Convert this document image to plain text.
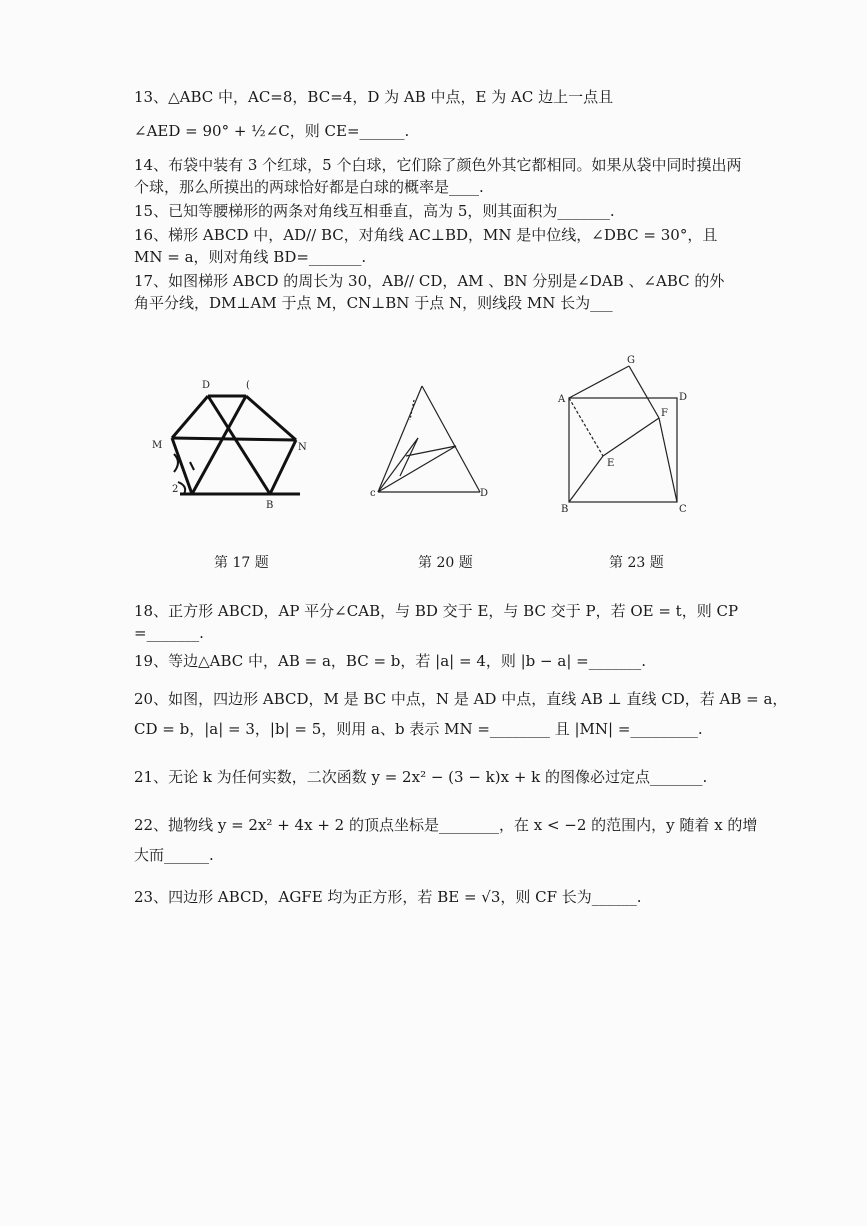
13、△ABC 中，AC=8，BC=4，D 为 AB 中点，E 为 AC 边上一点且
∠AED = 90° + ½∠C，则 CE=______.
14、布袋中装有 3 个红球，5 个白球，它们除了颜色外其它都相同。如果从袋中同时摸出两
个球，那么所摸出的两球恰好都是白球的概率是____.
15、已知等腰梯形的两条对角线互相垂直，高为 5，则其面积为_______.
16、梯形 ABCD 中，AD// BC，对角线 AC⊥BD，MN 是中位线，∠DBC = 30°，且
MN = a，则对角线 BD=_______.
17、如图梯形 ABCD 的周长为 30，AB// CD，AM 、BN 分别是∠DAB 、∠ABC 的外
角平分线，DM⊥AM 于点 M，CN⊥BN 于点 N，则线段 MN 长为___
D	(
M	N
2
B
第 17 题
c	D
第 20 题
G
A	D
F
E
B	C
第 23 题
18、正方形 ABCD，AP 平分∠CAB，与 BD 交于 E，与 BC 交于 P，若 OE = t，则 CP
=_______.
19、等边△ABC 中，AB = a，BC = b，若 |a| = 4，则 |b − a| =_______.
20、如图，四边形 ABCD，M 是 BC 中点，N 是 AD 中点，直线 AB ⊥ 直线 CD，若 AB = a，
CD = b，|a| = 3，|b| = 5，则用 a、b 表示 MN =________ 且 |MN| =_________.
21、无论 k 为任何实数，二次函数 y = 2x² − (3 − k)x + k 的图像必过定点_______.
22、抛物线 y = 2x² + 4x + 2 的顶点坐标是________，在 x < −2 的范围内，y 随着 x 的增
大而______.
23、四边形 ABCD，AGFE 均为正方形，若 BE = √3，则 CF 长为______.
